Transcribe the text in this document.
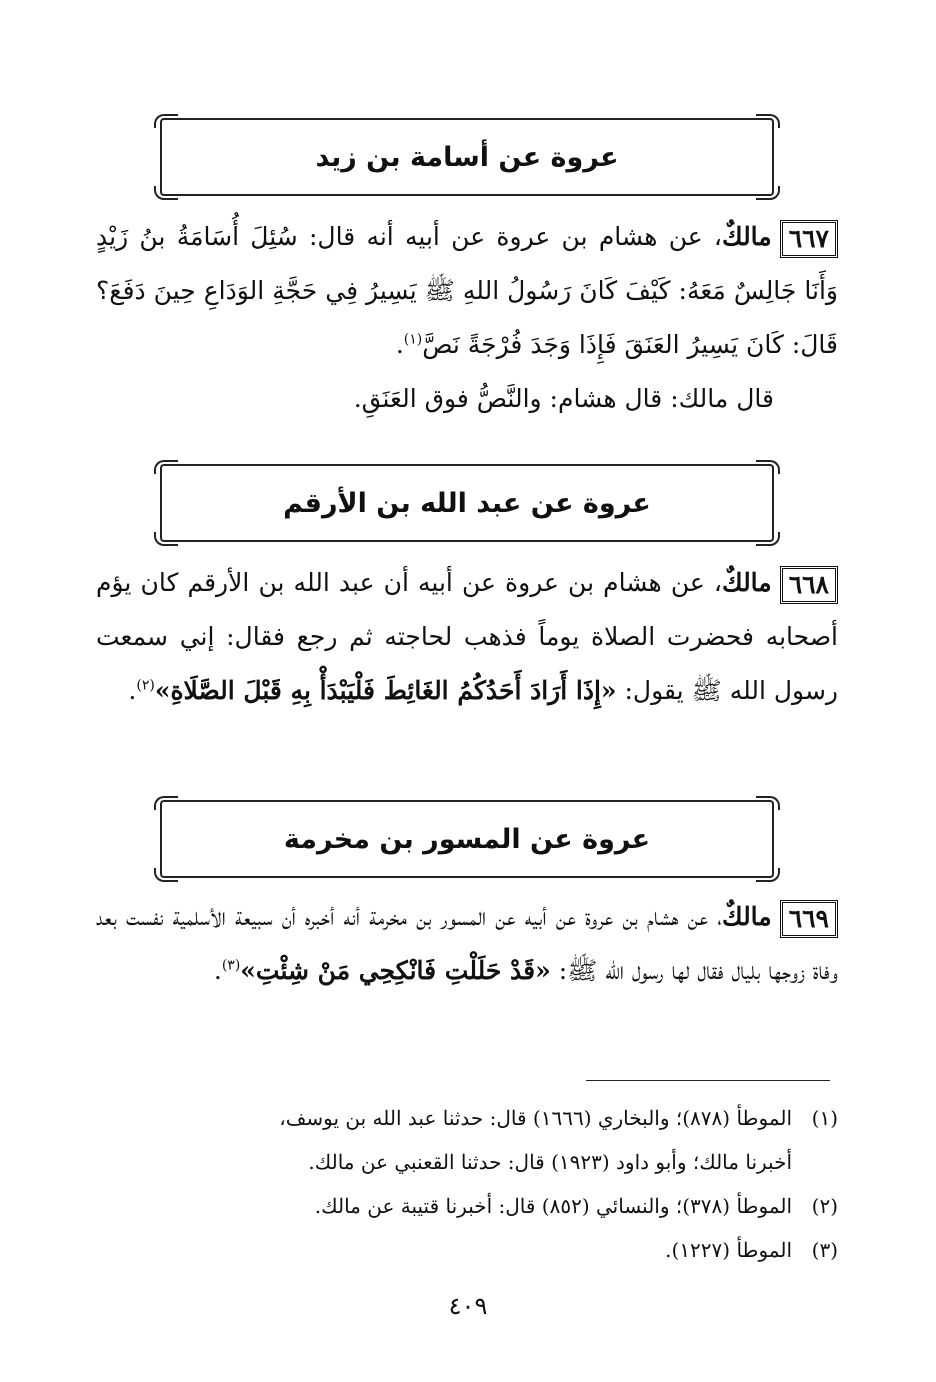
عروة عن أسامة بن زيد
٦٦٧مالكٌ، عن هشام بن عروة عن أبيه أنه قال: سُئِلَ أُسَامَةُ بنُ زَيْدٍ وَأَنَا جَالِسٌ مَعَهُ: كَيْفَ كَانَ رَسُولُ اللهِ ﷺ يَسِيرُ فِي حَجَّةِ الوَدَاعِ حِينَ دَفَعَ؟ قَالَ: كَانَ يَسِيرُ العَنَقَ فَإِذَا وَجَدَ فُرْجَةً نَصَّ$^{(١)}$.
قال مالك: قال هشام: والنَّصُّ فوق العَنَقِ.
عروة عن عبد الله بن الأرقم
٦٦٨مالكٌ، عن هشام بن عروة عن أبيه أن عبد الله بن الأرقم كان يؤم أصحابه فحضرت الصلاة يوماً فذهب لحاجته ثم رجع فقال: إني سمعت رسول الله ﷺ يقول: «إِذَا أَرَادَ أَحَدُكُمُ الغَائِطَ فَلْيَبْدَأْ بِهِ قَبْلَ الصَّلَاةِ»$^{(٢)}$.
عروة عن المسور بن مخرمة
٦٦٩مالكٌ، عن هشام بن عروة عن أبيه عن المسور بن مخرمة أنه أخبره أن سبيعة الأسلمية نفست بعد وفاة زوجها بليال فقال لها رسول الله ﷺ: «قَدْ حَلَلْتِ فَانْكِحِي مَنْ شِئْتِ»$^{(٣)}$.
(١)الموطأ (٨٧٨)؛ والبخاري (١٦٦٦) قال: حدثنا عبد الله بن يوسف،
أخبرنا مالك؛ وأبو داود (١٩٢٣) قال: حدثنا القعنبي عن مالك.
(٢)الموطأ (٣٧٨)؛ والنسائي (٨٥٢) قال: أخبرنا قتيبة عن مالك.
(٣)الموطأ (١٢٢٧).
٤٠٩
